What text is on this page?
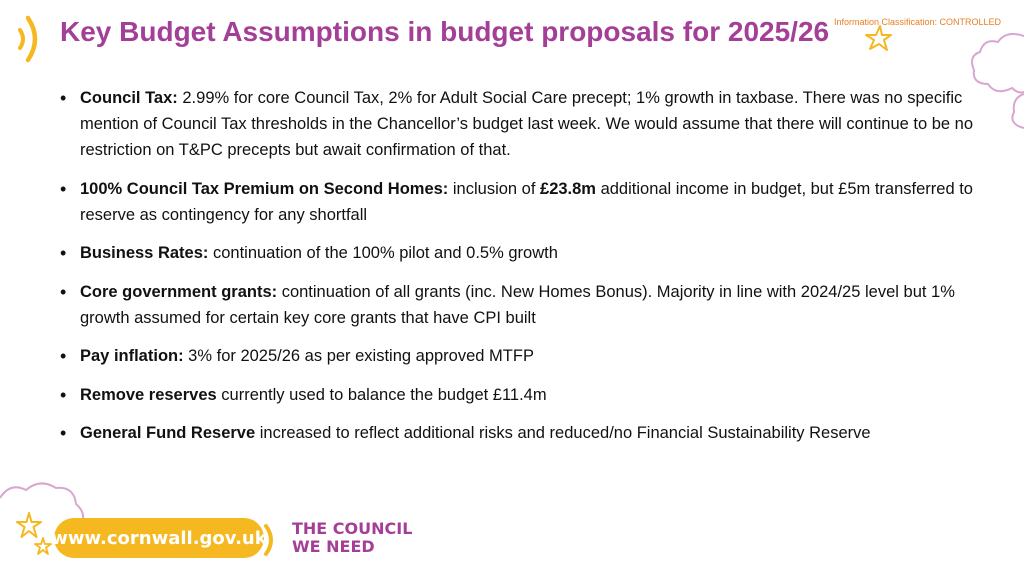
Key Budget Assumptions in budget proposals for 2025/26 Information Classification: CONTROLLED
• Council Tax: 2.99% for core Council Tax, 2% for Adult Social Care precept; 1% growth in taxbase. There was no specific mention of Council Tax thresholds in the Chancellor’s budget last week. We would assume that there will continue to be no restriction on T&PC precepts but await confirmation of that.
• 100% Council Tax Premium on Second Homes: inclusion of £23.8m additional income in budget, but £5m transferred to reserve as contingency for any shortfall
• Business Rates: continuation of the 100% pilot and 0.5% growth
• Core government grants: continuation of all grants (inc. New Homes Bonus). Majority in line with 2024/25 level but 1% growth assumed for certain key core grants that have CPI built
• Pay inflation: 3% for 2025/26 as per existing approved MTFP
• Remove reserves currently used to balance the budget £11.4m
• General Fund Reserve increased to reflect additional risks and reduced/no Financial Sustainability Reserve
www.cornwall.gov.uk THE COUNCIL
WE NEED
